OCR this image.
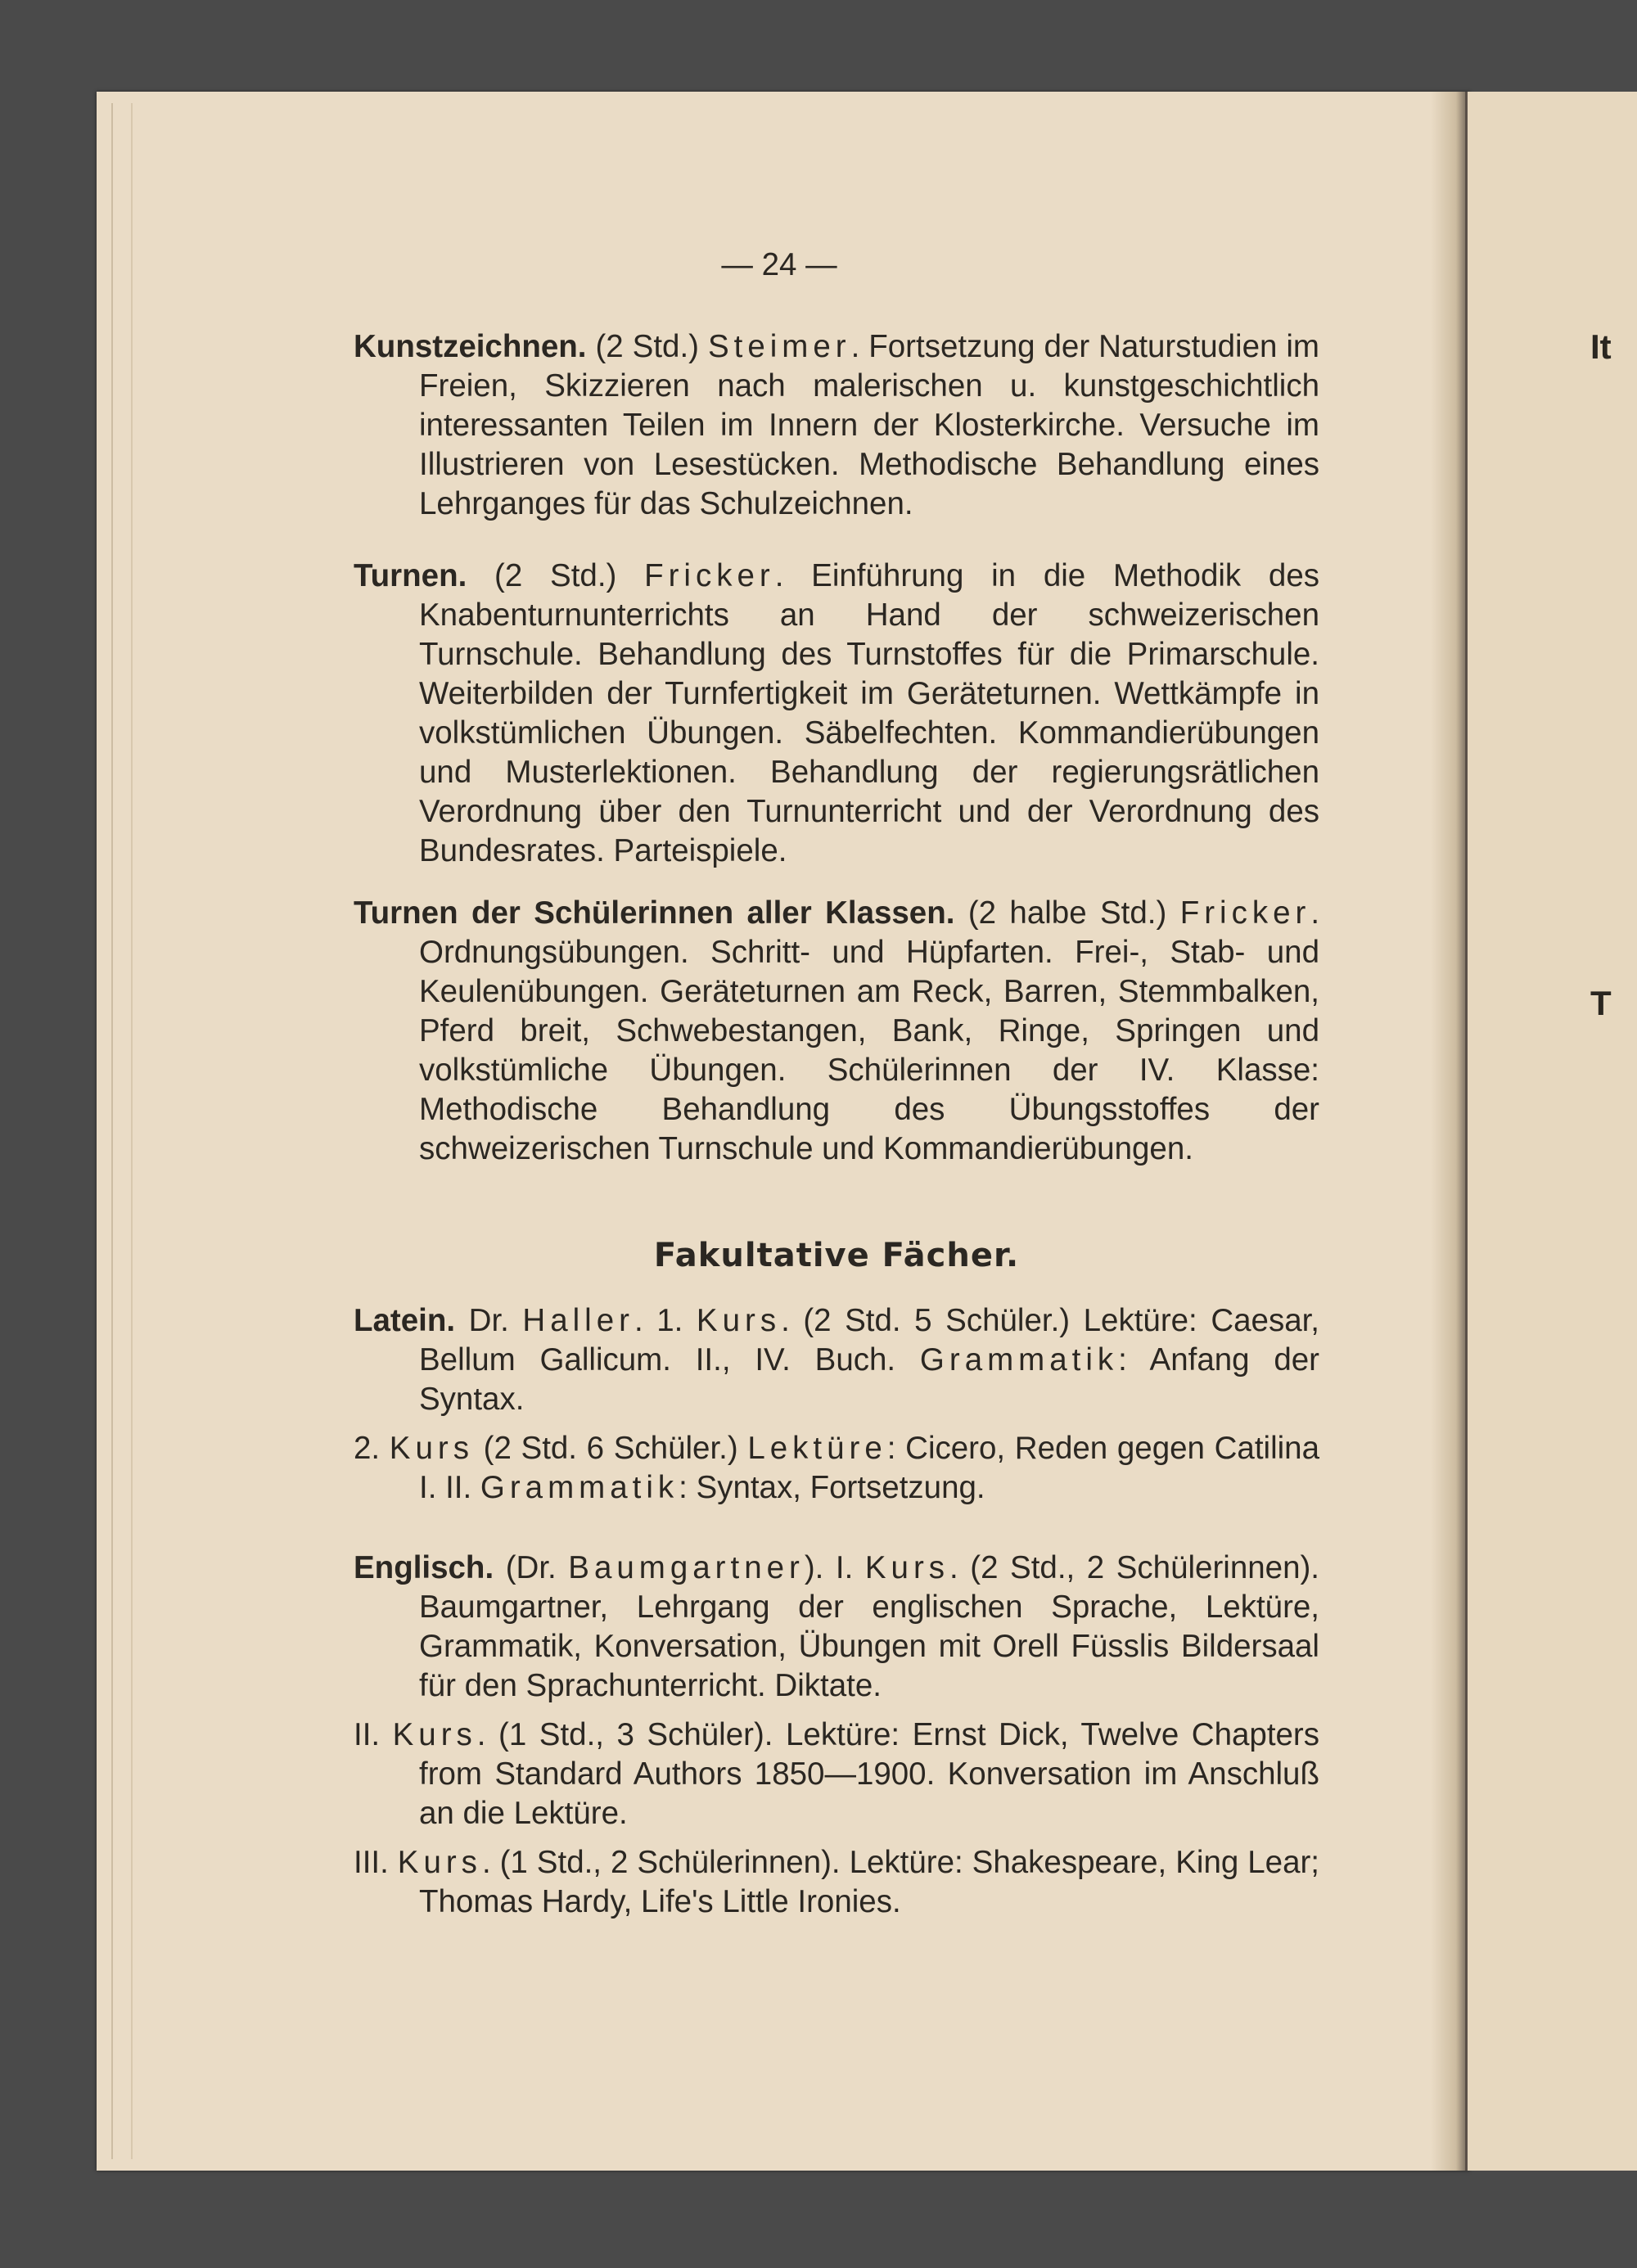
It
T
— 24 —

Kunstzeichnen. (2 Std.) Steimer. Fortsetzung der Naturstudien im Freien, Skizzieren nach malerischen u. kunstgeschichtlich interessanten Teilen im Innern der Klosterkirche. Versuche im Illustrieren von Lesestücken. Methodische Behandlung eines Lehrganges für das Schulzeichnen.

Turnen. (2 Std.) Fricker. Einführung in die Methodik des Knabenturnunterrichts an Hand der schweizerischen Turnschule. Behandlung des Turnstoffes für die Primarschule. Weiterbilden der Turnfertigkeit im Geräteturnen. Wettkämpfe in volkstümlichen Übungen. Säbelfechten. Kommandierübungen und Musterlektionen. Behandlung der regierungsrätlichen Verordnung über den Turnunterricht und der Verordnung des Bundesrates. Parteispiele.

Turnen der Schülerinnen aller Klassen. (2 halbe Std.) Fricker. Ordnungsübungen. Schritt- und Hüpfarten. Frei-, Stab- und Keulenübungen. Geräteturnen am Reck, Barren, Stemmbalken, Pferd breit, Schwebestangen, Bank, Ringe, Springen und volkstümliche Übungen. Schülerinnen der IV. Klasse: Methodische Behandlung des Übungsstoffes der schweizerischen Turnschule und Kommandierübungen.

Fakultative Fächer.

Latein. Dr. Haller. 1. Kurs. (2 Std. 5 Schüler.) Lektüre: Caesar, Bellum Gallicum. II., IV. Buch. Grammatik: Anfang der Syntax.

2. Kurs (2 Std. 6 Schüler.) Lektüre: Cicero, Reden gegen Catilina I. II. Grammatik: Syntax, Fortsetzung.

Englisch. (Dr. Baumgartner). I. Kurs. (2 Std., 2 Schülerinnen). Baumgartner, Lehrgang der englischen Sprache, Lektüre, Grammatik, Konversation, Übungen mit Orell Füsslis Bildersaal für den Sprachunterricht. Diktate.

II. Kurs. (1 Std., 3 Schüler). Lektüre: Ernst Dick, Twelve Chapters from Standard Authors 1850—1900. Konversation im Anschluß an die Lektüre.

III. Kurs. (1 Std., 2 Schülerinnen). Lektüre: Shakespeare, King Lear; Thomas Hardy, Life's Little Ironies.
